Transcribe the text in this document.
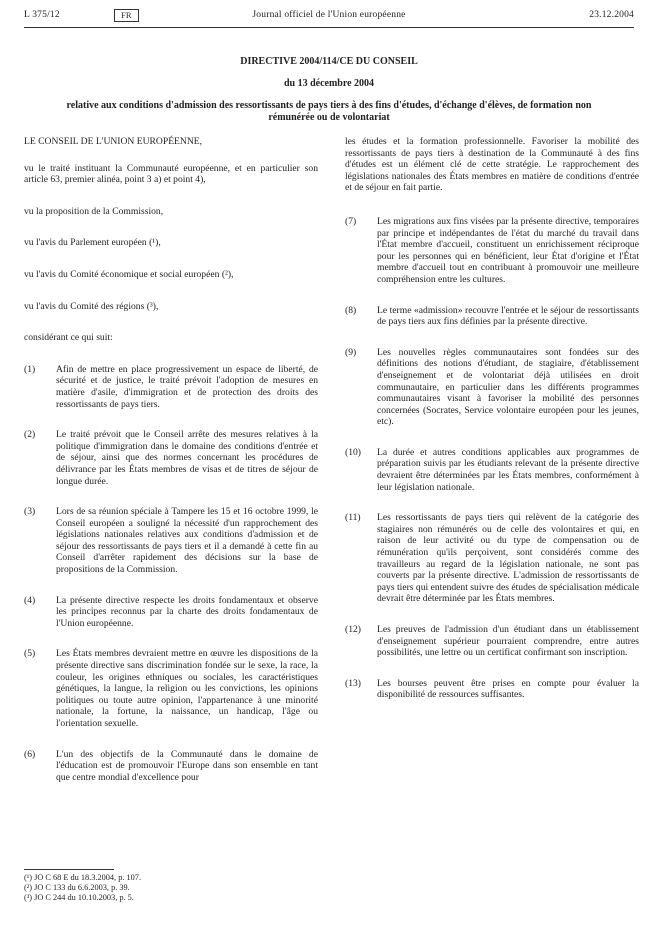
L 375/12	FR	Journal officiel de l'Union européenne	23.12.2004
DIRECTIVE 2004/114/CE DU CONSEIL
du 13 décembre 2004
relative aux conditions d'admission des ressortissants de pays tiers à des fins d'études, d'échange d'élèves, de formation non rémunérée ou de volontariat

LE CONSEIL DE L'UNION EUROPÉENNE,

vu le traité instituant la Communauté européenne, et en particulier son article 63, premier alinéa, point 3 a) et point 4),

vu la proposition de la Commission,

vu l'avis du Parlement européen (¹),

vu l'avis du Comité économique et social européen (²),

vu l'avis du Comité des régions (³),

considérant ce qui suit:

(1)	Afin de mettre en place progressivement un espace de liberté, de sécurité et de justice, le traité prévoit l'adoption de mesures en matière d'asile, d'immigration et de protection des droits des ressortissants de pays tiers.
(2)	Le traité prévoit que le Conseil arrête des mesures relatives à la politique d'immigration dans le domaine des conditions d'entrée et de séjour, ainsi que des normes concernant les procédures de délivrance par les États membres de visas et de titres de séjour de longue durée.
(3)	Lors de sa réunion spéciale à Tampere les 15 et 16 octobre 1999, le Conseil européen a souligné la nécessité d'un rapprochement des législations nationales relatives aux conditions d'admission et de séjour des ressortissants de pays tiers et il a demandé à cette fin au Conseil d'arrêter rapidement des décisions sur la base de propositions de la Commission.
(4)	La présente directive respecte les droits fondamentaux et observe les principes reconnus par la charte des droits fondamentaux de l'Union européenne.
(5)	Les États membres devraient mettre en œuvre les dispositions de la présente directive sans discrimination fondée sur le sexe, la race, la couleur, les origines ethniques ou sociales, les caractéristiques génétiques, la langue, la religion ou les convictions, les opinions politiques ou toute autre opinion, l'appartenance à une minorité nationale, la fortune, la naissance, un handicap, l'âge ou l'orientation sexuelle.
(6)	L'un des objectifs de la Communauté dans le domaine de l'éducation est de promouvoir l'Europe dans son ensemble en tant que centre mondial d'excellence pour

les études et la formation professionnelle. Favoriser la mobilité des ressortissants de pays tiers à destination de la Communauté à des fins d'études est un élément clé de cette stratégie. Le rapprochement des législations nationales des États membres en matière de conditions d'entrée et de séjour en fait partie.

(7)	Les migrations aux fins visées par la présente directive, temporaires par principe et indépendantes de l'état du marché du travail dans l'État membre d'accueil, constituent un enrichissement réciproque pour les personnes qui en bénéficient, leur État d'origine et l'État membre d'accueil tout en contribuant à promouvoir une meilleure compréhension entre les cultures.
(8)	Le terme «admission» recouvre l'entrée et le séjour de ressortissants de pays tiers aux fins définies par la présente directive.
(9)	Les nouvelles règles communautaires sont fondées sur des définitions des notions d'étudiant, de stagiaire, d'établissement d'enseignement et de volontariat déjà utilisées en droit communautaire, en particulier dans les différents programmes communautaires visant à favoriser la mobilité des personnes concernées (Socrates, Service volontaire européen pour les jeunes, etc).
(10)	La durée et autres conditions applicables aux programmes de préparation suivis par les étudiants relevant de la présente directive devraient être déterminées par les États membres, conformément à leur législation nationale.
(11)	Les ressortissants de pays tiers qui relèvent de la catégorie des stagiaires non rémunérés ou de celle des volontaires et qui, en raison de leur activité ou du type de compensation ou de rémunération qu'ils perçoivent, sont considérés comme des travailleurs au regard de la législation nationale, ne sont pas couverts par la présente directive. L'admission de ressortissants de pays tiers qui entendent suivre des études de spécialisation médicale devrait être déterminée par les États membres.
(12)	Les preuves de l'admission d'un étudiant dans un établissement d'enseignement supérieur pourraient comprendre, entre autres possibilités, une lettre ou un certificat confirmant son inscription.
(13)	Les bourses peuvent être prises en compte pour évaluer la disponibilité de ressources suffisantes.
(¹) JO C 68 E du 18.3.2004, p. 107.
(²) JO C 133 du 6.6.2003, p. 39.
(³) JO C 244 du 10.10.2003, p. 5.
